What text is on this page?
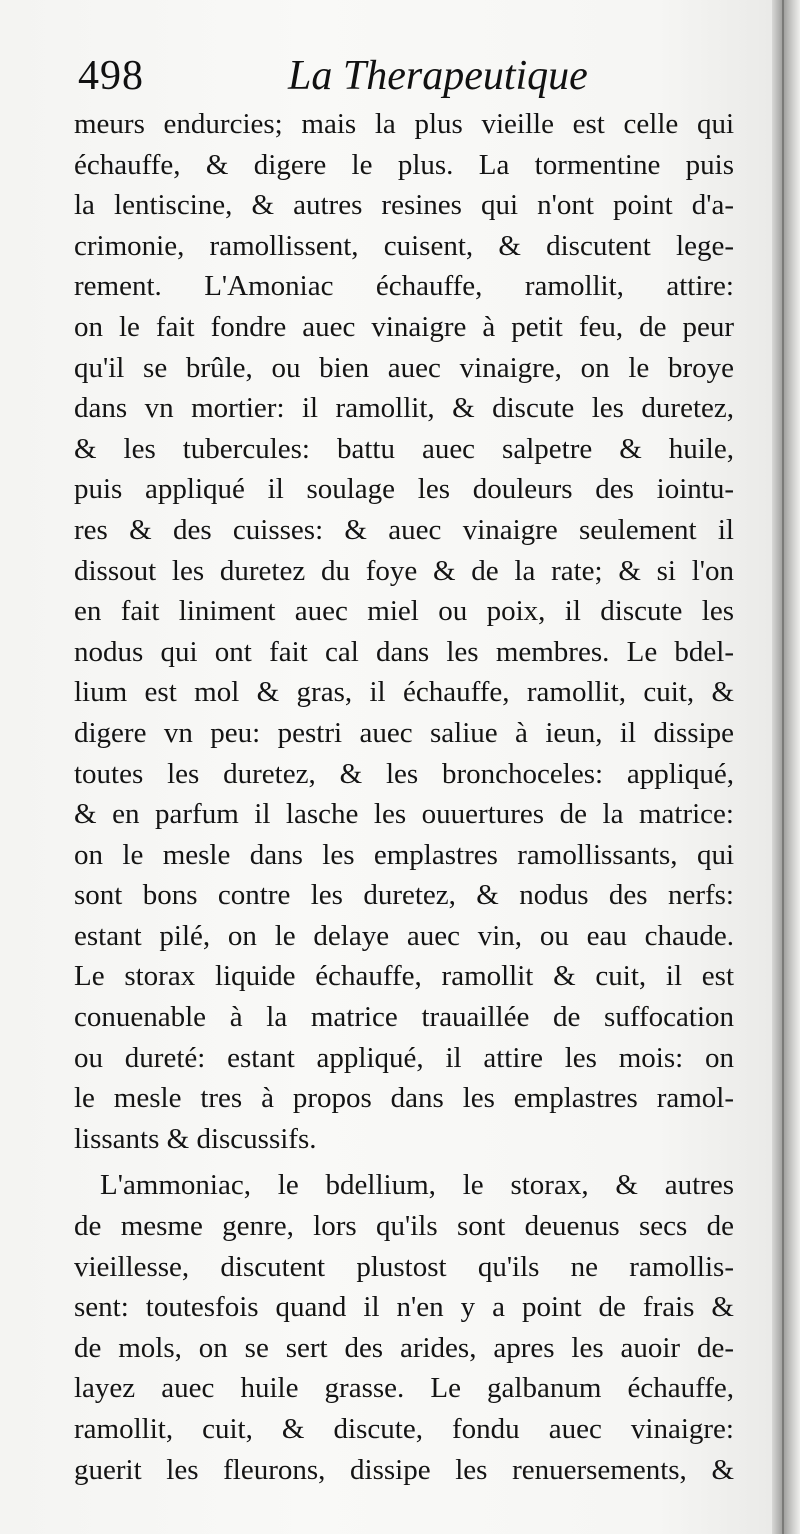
498	La Therapeutique
meurs endurcies; mais la plus vieille est celle qui
échauffe, & digere le plus. La tormentine puis
la lentiscine, & autres resines qui n'ont point d'a-
crimonie, ramollissent, cuisent, & discutent lege-
rement. L'Amoniac échauffe, ramollit, attire:
on le fait fondre auec vinaigre à petit feu, de peur
qu'il se brûle, ou bien auec vinaigre, on le broye
dans vn mortier: il ramollit, & discute les duretez,
& les tubercules: battu auec salpetre & huile,
puis appliqué il soulage les douleurs des iointu-
res & des cuisses: & auec vinaigre seulement il
dissout les duretez du foye & de la rate; & si l'on
en fait liniment auec miel ou poix, il discute les
nodus qui ont fait cal dans les membres. Le bdel-
lium est mol & gras, il échauffe, ramollit, cuit, &
digere vn peu: pestri auec saliue à ieun, il dissipe
toutes les duretez, & les bronchoceles: appliqué,
& en parfum il lasche les ouuertures de la matrice:
on le mesle dans les emplastres ramollissants, qui
sont bons contre les duretez, & nodus des nerfs:
estant pilé, on le delaye auec vin, ou eau chaude.
Le storax liquide échauffe, ramollit & cuit, il est
conuenable à la matrice trauaillée de suffocation
ou dureté: estant appliqué, il attire les mois: on
le mesle tres à propos dans les emplastres ramol-
lissants & discussifs.
L'ammoniac, le bdellium, le storax, & autres
de mesme genre, lors qu'ils sont deuenus secs de
vieillesse, discutent plustost qu'ils ne ramollis-
sent: toutesfois quand il n'en y a point de frais &
de mols, on se sert des arides, apres les auoir de-
layez auec huile grasse. Le galbanum échauffe,
ramollit, cuit, & discute, fondu auec vinaigre:
guerit les fleurons, dissipe les renuersements, &
